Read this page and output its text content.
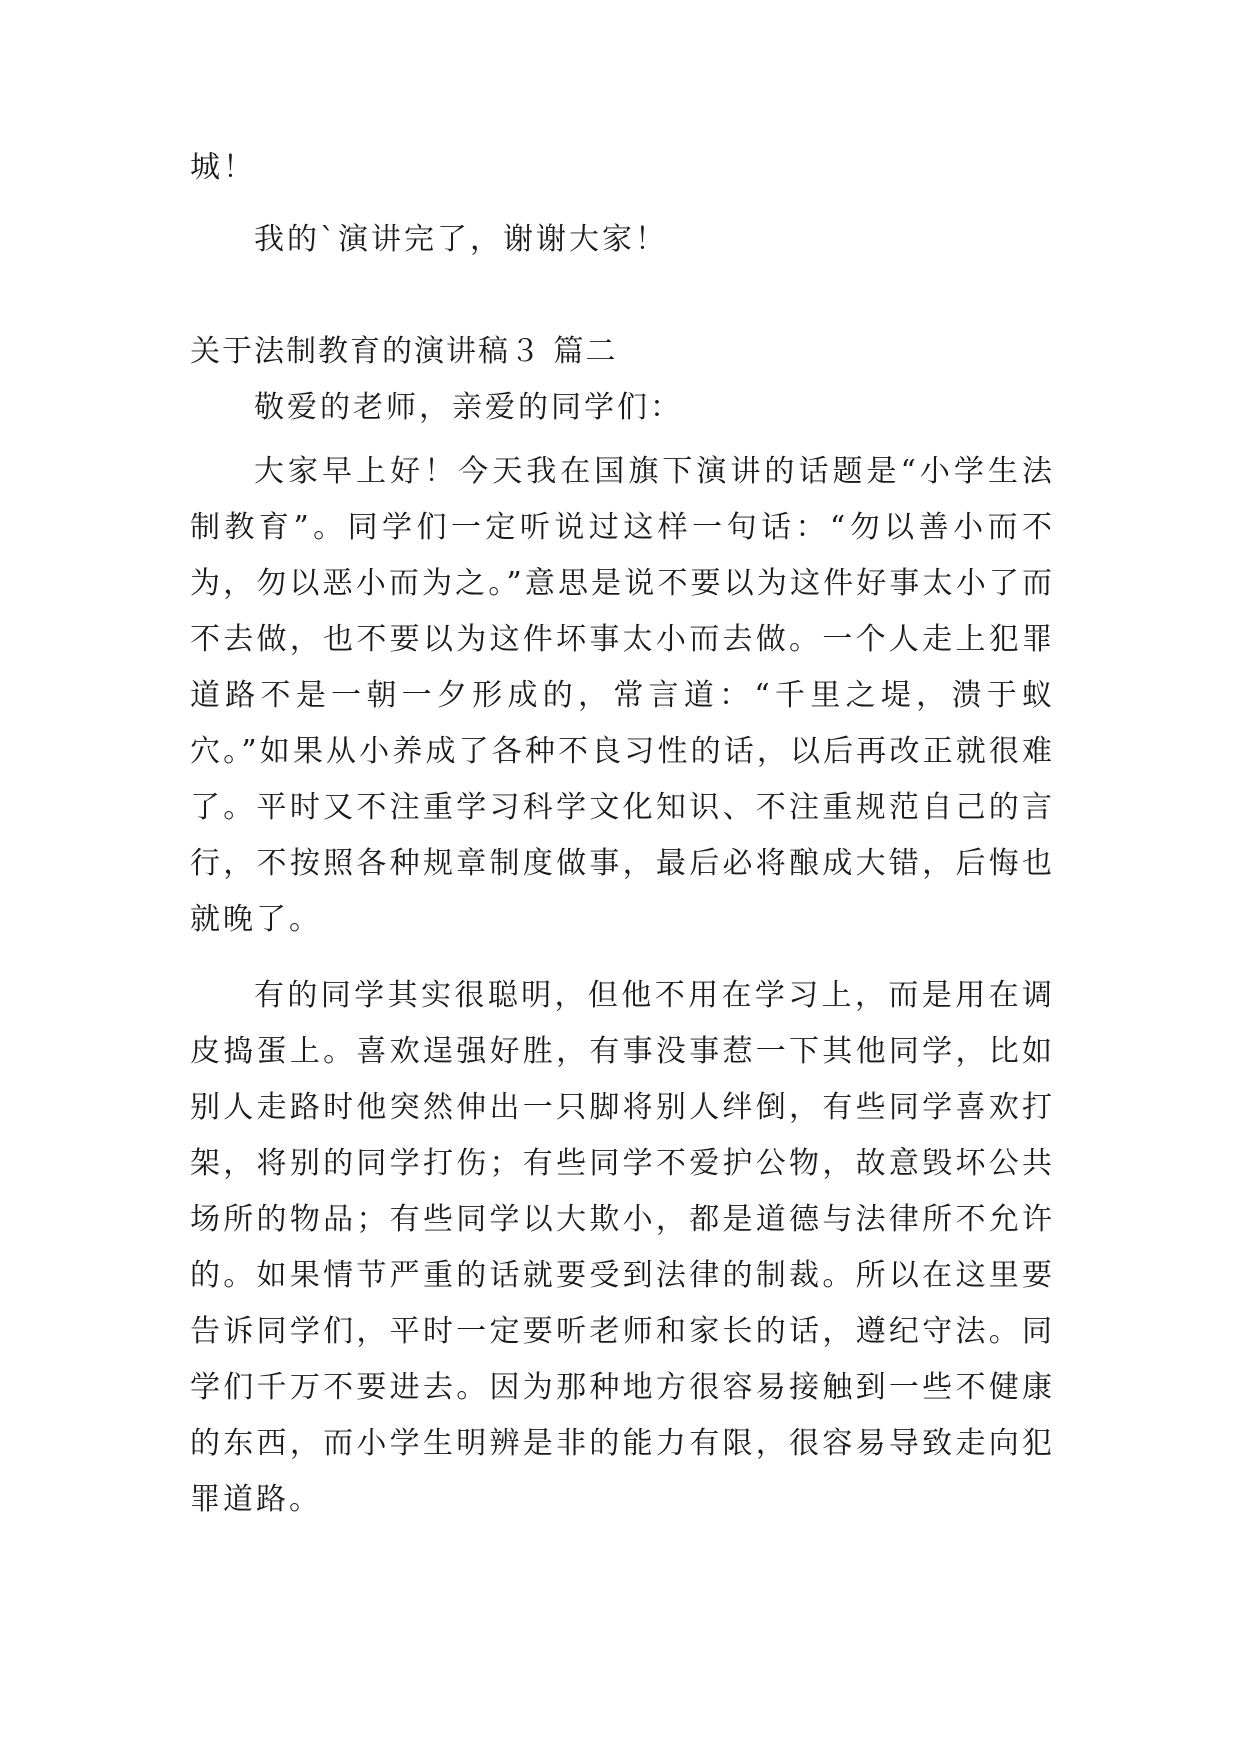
城！
我的`演讲完了，谢谢大家！
关于法制教育的演讲稿３ 篇二
敬爱的老师，亲爱的同学们：

大家早上好！今天我在国旗下演讲的话题是“小学生法制教育”。同学们一定听说过这样一句话：“勿以善小而不为，勿以恶小而为之。”意思是说不要以为这件好事太小了而不去做，也不要以为这件坏事太小而去做。一个人走上犯罪道路不是一朝一夕形成的，常言道：“千里之堤，溃于蚁穴。”如果从小养成了各种不良习性的话，以后再改正就很难了。平时又不注重学习科学文化知识、不注重规范自己的言行，不按照各种规章制度做事，最后必将酿成大错，后悔也就晚了。

有的同学其实很聪明，但他不用在学习上，而是用在调皮捣蛋上。喜欢逞强好胜，有事没事惹一下其他同学，比如别人走路时他突然伸出一只脚将别人绊倒，有些同学喜欢打架，将别的同学打伤；有些同学不爱护公物，故意毁坏公共场所的物品；有些同学以大欺小，都是道德与法律所不允许的。如果情节严重的话就要受到法律的制裁。所以在这里要告诉同学们，平时一定要听老师和家长的话，遵纪守法。同学们千万不要进去。因为那种地方很容易接触到一些不健康的东西，而小学生明辨是非的能力有限，很容易导致走向犯罪道路。
